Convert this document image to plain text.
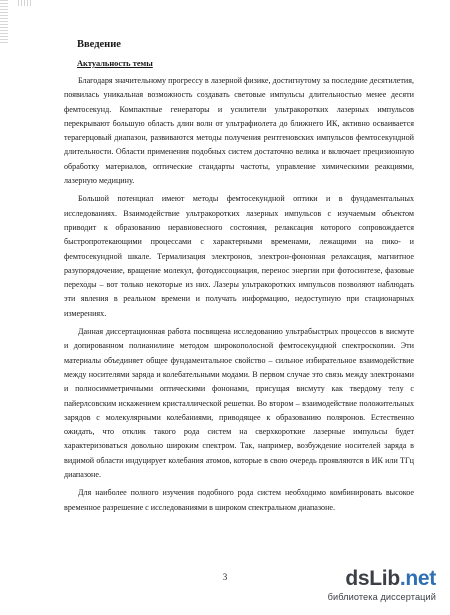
Введение
Актуальность темы

Благодаря значительному прогрессу в лазерной физике, достигнутому за последние десятилетия, появилась уникальная возможность создавать световые импульсы длительностью менее десяти фемтосекунд. Компактные генераторы и усилители ультракоротких лазерных импульсов перекрывают большую область длин волн от ультрафиолета до ближнего ИК, активно осваивается терагерцовый диапазон, развиваются методы получения рентгеновских импульсов фемтосекундной длительности. Области применения подобных систем достаточно велика и включает прецизионную обработку материалов, оптические стандарты частоты, управление химическими реакциями, лазерную медицину.

Большой потенциал имеют методы фемтосекундной оптики и в фундаментальных исследованиях. Взаимодействие ультракоротких лазерных импульсов с изучаемым объектом приводит к образованию неравновесного состояния, релаксация которого сопровождается быстропротекающими процессами с характерными временами, лежащими на пико- и фемтосекундной шкале. Термализация электронов, электрон-фононная релаксация, магнитное разупорядочение, вращение молекул, фотодиссоциация, перенос энергии при фотосинтезе, фазовые переходы – вот только некоторые из них. Лазеры ультракоротких импульсов позволяют наблюдать эти явления в реальном времени и получать информацию, недоступную при стационарных измерениях.

Данная диссертационная работа посвящена исследованию ультрабыстрых процессов в висмуте и допированном полианилине методом широкополосной фемтосекундной спектроскопии. Эти материалы объединяет общее фундаментальное свойство – сильное избирательное взаимодействие между носителями заряда и колебательными модами. В первом случае это связь между электронами и полносимметричными оптическими фононами, присущая висмуту как твердому телу с пайерлсовским искажением кристаллической решетки. Во втором – взаимодействие положительных зарядов с молекулярными колебаниями, приводящее к образованию поляронов. Естественно ожидать, что отклик такого рода систем на сверхкороткие лазерные импульсы будет характеризоваться довольно широким спектром. Так, например, возбуждение носителей заряда в видимой области индуцирует колебания атомов, которые в свою очередь проявляются в ИК или ТГц диапазоне.

Для наиболее полного изучения подобного рода систем необходимо комбинировать высокое временное разрешение с исследованиями в широком спектральном диапазоне.

3	dsLib.net
библиотека диссертаций
